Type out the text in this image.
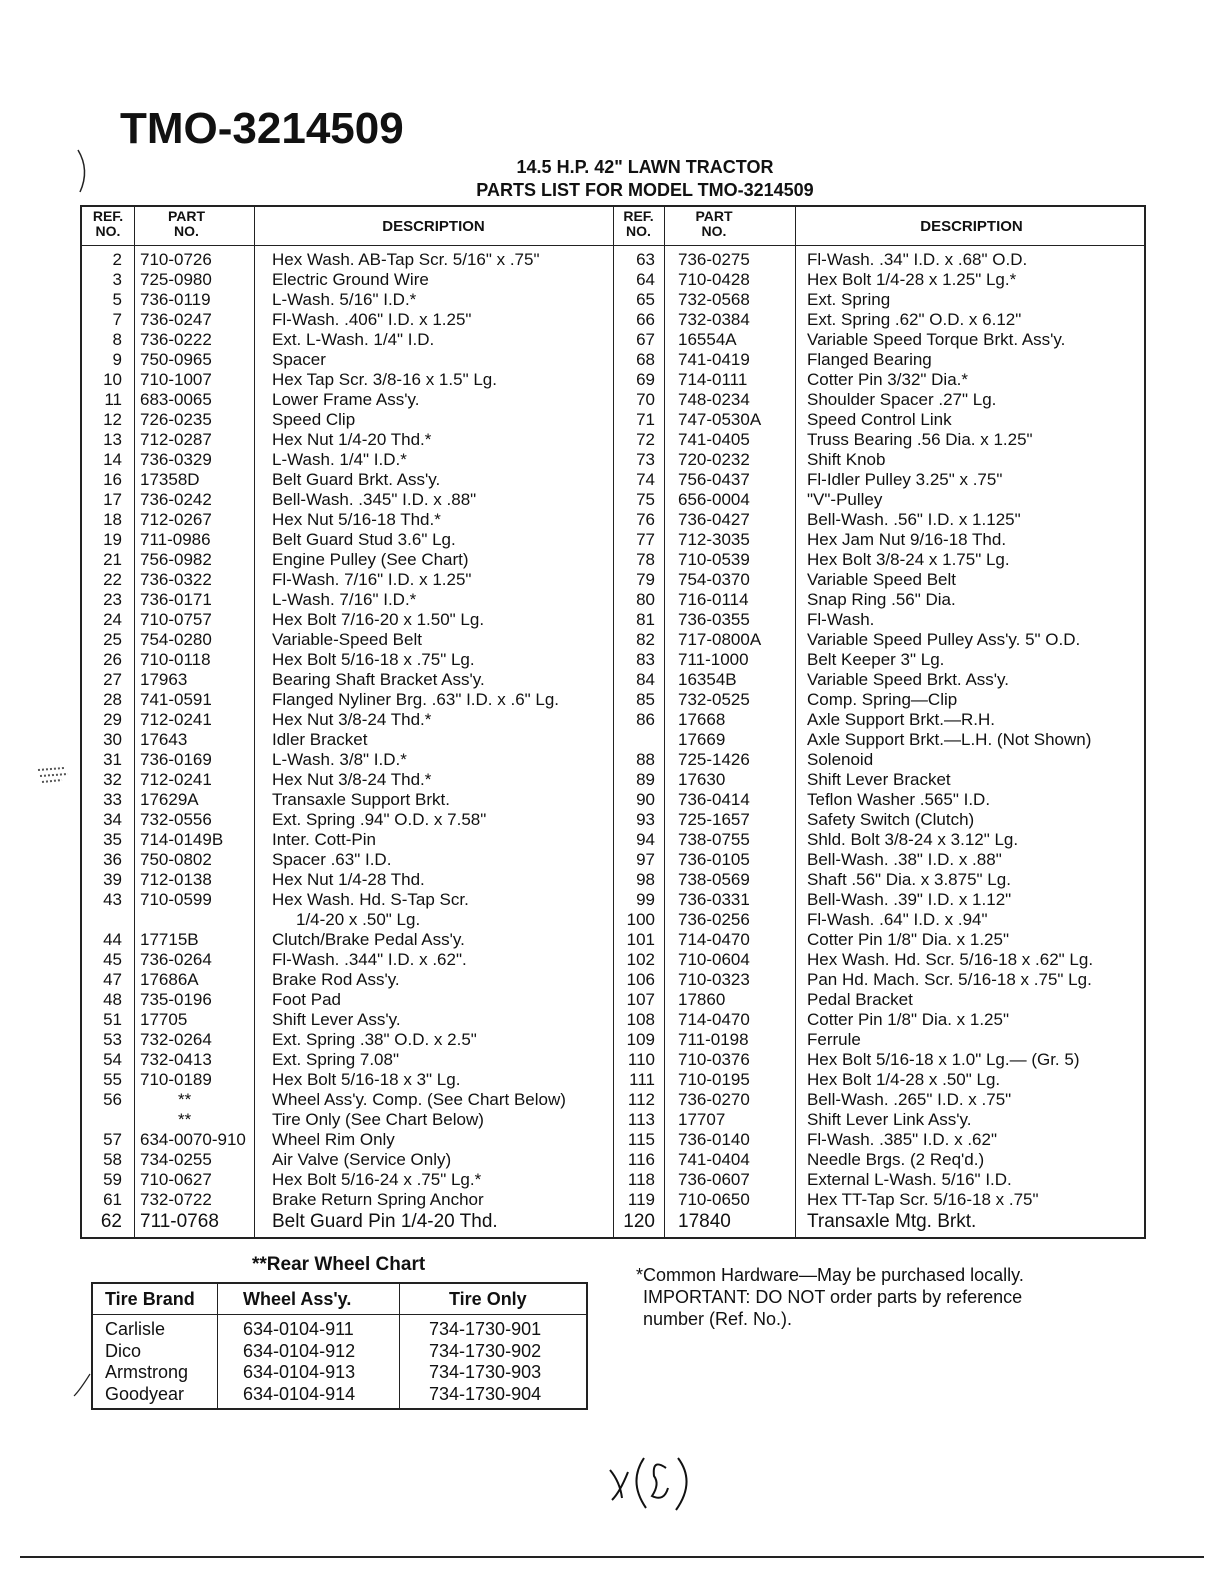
TMO-3214509
14.5 H.P. 42" LAWN TRACTOR
PARTS LIST FOR MODEL TMO-3214509
REF.
NO.
PART
NO.	DESCRIPTION
REF.
NO.
PART
NO.	DESCRIPTION
2 710-0726	Hex Wash. AB-Tap Scr. 5/16" x .75"
3 725-0980	Electric Ground Wire
5 736-0119	L-Wash. 5/16" I.D.*
7 736-0247	Fl-Wash. .406" I.D. x 1.25"
8 736-0222	Ext. L-Wash. 1/4" I.D.
9 750-0965	Spacer
10 710-1007	Hex Tap Scr. 3/8-16 x 1.5" Lg.
11 683-0065	Lower Frame Ass'y.
12 726-0235	Speed Clip
13 712-0287	Hex Nut 1/4-20 Thd.*
14 736-0329	L-Wash. 1/4" I.D.*
16 17358D	Belt Guard Brkt. Ass'y.
17 736-0242	Bell-Wash. .345" I.D. x .88"
18 712-0267	Hex Nut 5/16-18 Thd.*
19 711-0986	Belt Guard Stud 3.6" Lg.
21 756-0982	Engine Pulley (See Chart)
22 736-0322	Fl-Wash. 7/16" I.D. x 1.25"
23 736-0171	L-Wash. 7/16" I.D.*
24 710-0757	Hex Bolt 7/16-20 x 1.50" Lg.
25 754-0280	Variable-Speed Belt
26 710-0118	Hex Bolt 5/16-18 x .75" Lg.
27 17963	Bearing Shaft Bracket Ass'y.
28 741-0591	Flanged Nyliner Brg. .63" I.D. x .6" Lg.
29 712-0241	Hex Nut 3/8-24 Thd.*
30 17643	Idler Bracket
31 736-0169	L-Wash. 3/8" I.D.*
32 712-0241	Hex Nut 3/8-24 Thd.*
33 17629A	Transaxle Support Brkt.
34 732-0556	Ext. Spring .94" O.D. x 7.58"
35 714-0149B	Inter. Cott-Pin
36 750-0802	Spacer .63" I.D.
39 712-0138	Hex Nut 1/4-28 Thd.
43 710-0599	Hex Wash. Hd. S-Tap Scr.
1/4-20 x .50" Lg.
44 17715B	Clutch/Brake Pedal Ass'y.
45 736-0264	Fl-Wash. .344" I.D. x .62".
47 17686A	Brake Rod Ass'y.
48 735-0196	Foot Pad
51 17705	Shift Lever Ass'y.
53 732-0264	Ext. Spring .38" O.D. x 2.5"
54 732-0413	Ext. Spring 7.08"
55 710-0189	Hex Bolt 5/16-18 x 3" Lg.
56	**	Wheel Ass'y. Comp. (See Chart Below)
**	Tire Only (See Chart Below)
57 634-0070-910 Wheel Rim Only
58 734-0255	Air Valve (Service Only)
59 710-0627	Hex Bolt 5/16-24 x .75" Lg.*
61 732-0722	Brake Return Spring Anchor
62 711-0768	Belt Guard Pin 1/4-20 Thd.
63 736-0275	Fl-Wash. .34" I.D. x .68" O.D.
64 710-0428	Hex Bolt 1/4-28 x 1.25" Lg.*
65 732-0568	Ext. Spring
66 732-0384	Ext. Spring .62" O.D. x 6.12"
67 16554A	Variable Speed Torque Brkt. Ass'y.
68 741-0419	Flanged Bearing
69 714-0111	Cotter Pin 3/32" Dia.*
70 748-0234	Shoulder Spacer .27" Lg.
71 747-0530A	Speed Control Link
72 741-0405	Truss Bearing .56 Dia. x 1.25"
73 720-0232	Shift Knob
74 756-0437	Fl-Idler Pulley 3.25" x .75"
75 656-0004	"V"-Pulley
76 736-0427	Bell-Wash. .56" I.D. x 1.125"
77 712-3035	Hex Jam Nut 9/16-18 Thd.
78 710-0539	Hex Bolt 3/8-24 x 1.75" Lg.
79 754-0370	Variable Speed Belt
80 716-0114	Snap Ring .56" Dia.
81 736-0355	Fl-Wash.
82 717-0800A	Variable Speed Pulley Ass'y. 5" O.D.
83 711-1000	Belt Keeper 3" Lg.
84 16354B	Variable Speed Brkt. Ass'y.
85 732-0525	Comp. Spring—Clip
86 17668	Axle Support Brkt.—R.H.
17669	Axle Support Brkt.—L.H. (Not Shown)
88 725-1426	Solenoid
89 17630	Shift Lever Bracket
90 736-0414	Teflon Washer .565" I.D.
93 725-1657	Safety Switch (Clutch)
94 738-0755	Shld. Bolt 3/8-24 x 3.12" Lg.
97 736-0105	Bell-Wash. .38" I.D. x .88"
98 738-0569	Shaft .56" Dia. x 3.875" Lg.
99 736-0331	Bell-Wash. .39" I.D. x 1.12"
100 736-0256	Fl-Wash. .64" I.D. x .94"
101 714-0470	Cotter Pin 1/8" Dia. x 1.25"
102 710-0604	Hex Wash. Hd. Scr. 5/16-18 x .62" Lg.
106 710-0323	Pan Hd. Mach. Scr. 5/16-18 x .75" Lg.
107 17860	Pedal Bracket
108 714-0470	Cotter Pin 1/8" Dia. x 1.25"
109 711-0198	Ferrule
110 710-0376	Hex Bolt 5/16-18 x 1.0" Lg.— (Gr. 5)
111 710-0195	Hex Bolt 1/4-28 x .50" Lg.
112 736-0270	Bell-Wash. .265" I.D. x .75"
113 17707	Shift Lever Link Ass'y.
115 736-0140	Fl-Wash. .385" I.D. x .62"
116 741-0404	Needle Brgs. (2 Req'd.)
118 736-0607	External L-Wash. 5/16" I.D.
119 710-0650	Hex TT-Tap Scr. 5/16-18 x .75"
120 17840	Transaxle Mtg. Brkt.
**Rear Wheel Chart
Tire Brand	Wheel Ass'y.	Tire Only
Carlisle	634-0104-911	734-1730-901
Dico	634-0104-912	734-1730-902
Armstrong	634-0104-913	734-1730-903
Goodyear	634-0104-914	734-1730-904
*Common Hardware—May be purchased locally.
IMPORTANT: DO NOT order parts by reference
number (Ref. No.).
